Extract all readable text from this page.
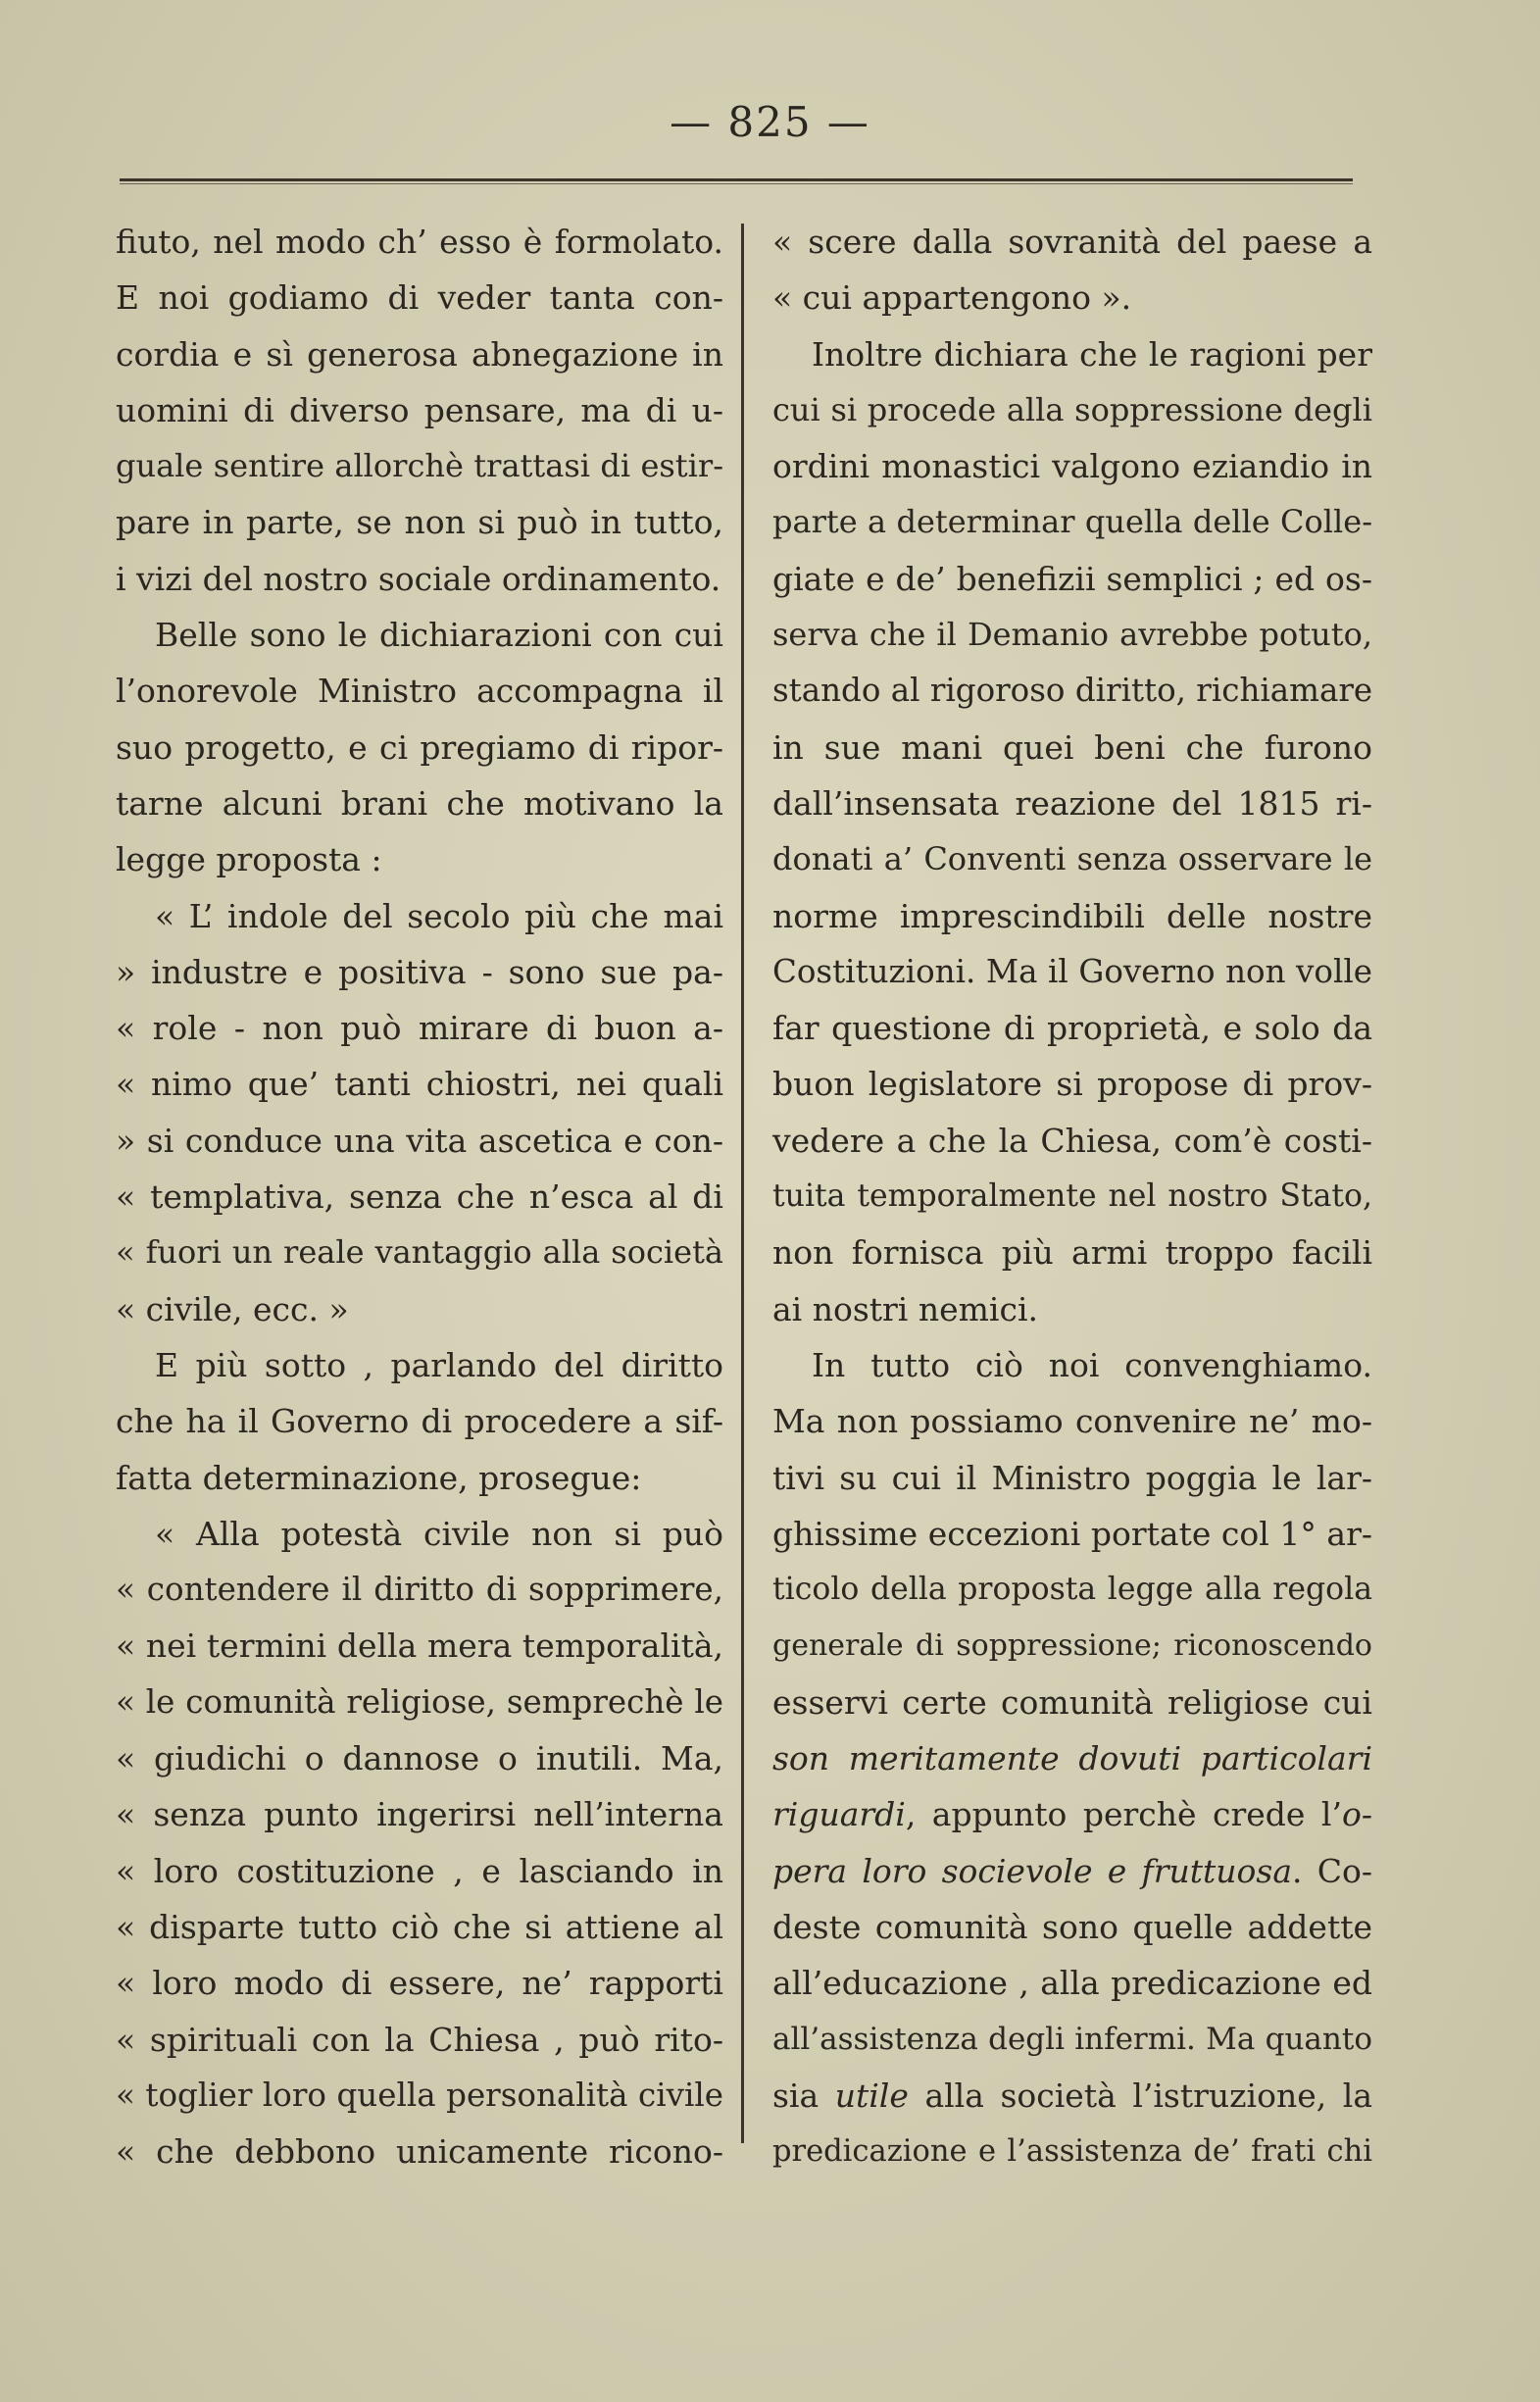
— 825 —
fiuto, nel modo ch’ esso è formolato.
E noi godiamo di veder tanta con-
cordia e sì generosa abnegazione in
uomini di diverso pensare, ma di u-
guale sentire allorchè trattasi di estir-
pare in parte, se non si può in tutto,
i vizi del nostro sociale ordinamento.
Belle sono le dichiarazioni con cui
l’onorevole Ministro accompagna il
suo progetto, e ci pregiamo di ripor-
tarne alcuni brani che motivano la
legge proposta :
« L’ indole del secolo più che mai
» industre e positiva - sono sue pa-
« role - non può mirare di buon a-
« nimo que’ tanti chiostri, nei quali
» si conduce una vita ascetica e con-
« templativa, senza che n’esca al di
« fuori un reale vantaggio alla società
« civile, ecc. »
E più sotto , parlando del diritto
che ha il Governo di procedere a sif-
fatta determinazione, prosegue:
« Alla potestà civile non si può
« contendere il diritto di sopprimere,
« nei termini della mera temporalità,
« le comunità religiose, semprechè le
« giudichi o dannose o inutili. Ma,
« senza punto ingerirsi nell’interna
« loro costituzione , e lasciando in
« disparte tutto ciò che si attiene al
« loro modo di essere, ne’ rapporti
« spirituali con la Chiesa , può rito-
« toglier loro quella personalità civile
« che debbono unicamente ricono-
« scere dalla sovranità del paese a
« cui appartengono ».
Inoltre dichiara che le ragioni per
cui si procede alla soppressione degli
ordini monastici valgono eziandio in
parte a determinar quella delle Colle-
giate e de’ benefizii semplici ; ed os-
serva che il Demanio avrebbe potuto,
stando al rigoroso diritto, richiamare
in sue mani quei beni che furono
dall’insensata reazione del 1815 ri-
donati a’ Conventi senza osservare le
norme imprescindibili delle nostre
Costituzioni. Ma il Governo non volle
far questione di proprietà, e solo da
buon legislatore si propose di prov-
vedere a che la Chiesa, com’è costi-
tuita temporalmente nel nostro Stato,
non fornisca più armi troppo facili
ai nostri nemici.
In tutto ciò noi convenghiamo.
Ma non possiamo convenire ne’ mo-
tivi su cui il Ministro poggia le lar-
ghissime eccezioni portate col 1° ar-
ticolo della proposta legge alla regola
generale di soppressione; riconoscendo
esservi certe comunità religiose cui
son meritamente dovuti particolari
riguardi, appunto perchè crede l’o-
pera loro socievole e fruttuosa. Co-
deste comunità sono quelle addette
all’educazione , alla predicazione ed
all’assistenza degli infermi. Ma quanto
sia utile alla società l’istruzione, la
predicazione e l’assistenza de’ frati chi
